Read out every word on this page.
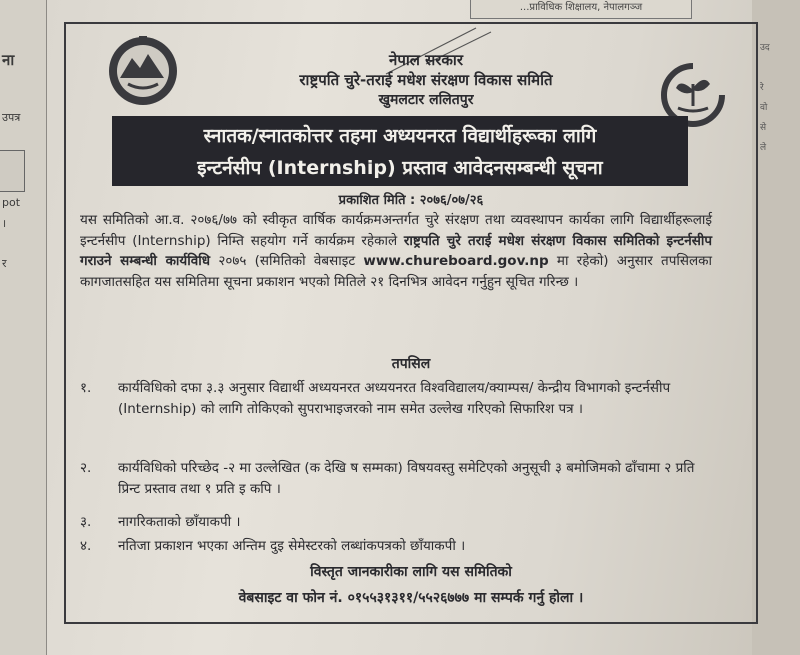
...प्राविधिक शिक्षालय, नेपालगञ्ज
ना
उपत्र
pot
।
र
उद
रे
वो
से
ले
नेपाल सरकार
राष्ट्रपति चुरे-तराई मधेश संरक्षण विकास समिति
खुमलटार ललितपुर
स्नातक/स्नातकोत्तर तहमा अध्ययनरत विद्यार्थीहरूका लागि
इन्टर्नसीप (Internship) प्रस्ताव आवेदनसम्बन्धी सूचना
प्रकाशित मिति : २०७६/०७/२६
यस समितिको आ.व. २०७६/७७ को स्वीकृत वार्षिक कार्यक्रमअन्तर्गत चुरे संरक्षण तथा व्यवस्थापन कार्यका लागि विद्यार्थीहरूलाई इन्टर्नसीप (Internship) निम्ति सहयोग गर्ने कार्यक्रम रहेकाले राष्ट्रपति चुरे तराई मधेश संरक्षण विकास समितिको इन्टर्नसीप गराउने सम्बन्धी कार्यविधि २०७५ (समितिको वेबसाइट www.chureboard.gov.np मा रहेको) अनुसार तपसिलका कागजातसहित यस समितिमा सूचना प्रकाशन भएको मितिले २१ दिनभित्र आवेदन गर्नुहुन सूचित गरिन्छ ।
तपसिल
१.	कार्यविधिको दफा ३.३ अनुसार विद्यार्थी अध्ययनरत अध्ययनरत विश्वविद्यालय/क्याम्पस/ केन्द्रीय विभागको इन्टर्नसीप (Internship) को लागि तोकिएको सुपराभाइजरको नाम समेत उल्लेख गरिएको सिफारिश पत्र ।
२.	कार्यविधिको परिच्छेद -२ मा उल्लेखित (क देखि ष सम्मका) विषयवस्तु समेटिएको अनुसूची ३ बमोजिमको ढाँचामा २ प्रति प्रिन्ट प्रस्ताव तथा १ प्रति इ कपि ।
३.	नागरिकताको छाँयाकपी ।
४.	नतिजा प्रकाशन भएका अन्तिम दुइ सेमेस्टरको लब्धांकपत्रको छाँयाकपी ।
विस्तृत जानकारीका लागि यस समितिको
वेबसाइट वा फोन नं. ०१५५३१३११/५५२६७७७ मा सम्पर्क गर्नु होला ।
